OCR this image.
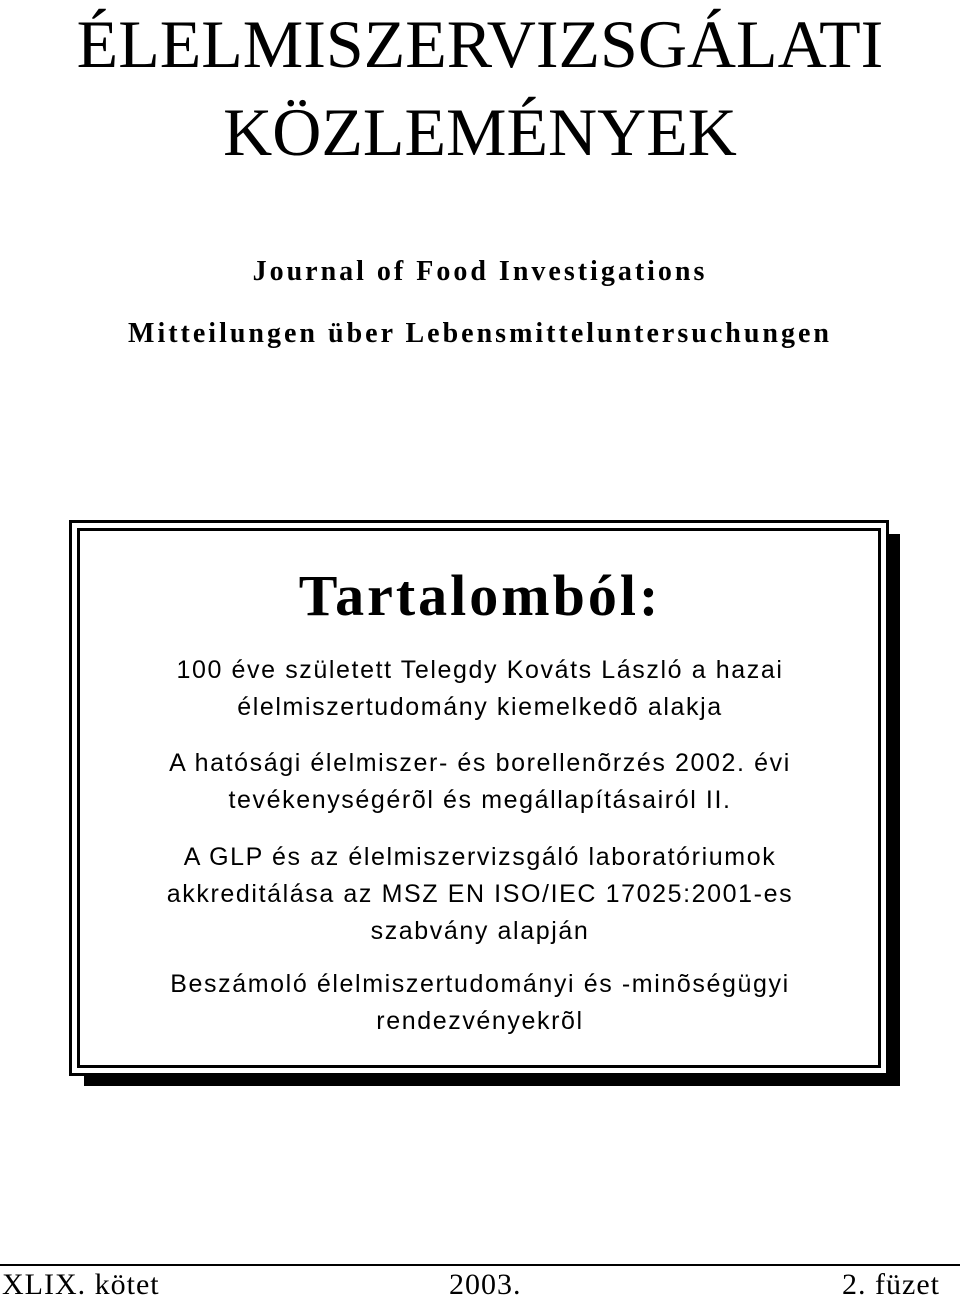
ÉLELMISZERVIZSGÁLATI
KÖZLEMÉNYEK
Journal of Food Investigations
Mitteilungen über Lebensmitteluntersuchungen
Tartalomból:
100 éve született Telegdy Kováts László a hazai
élelmiszertudomány kiemelkedõ alakja
A hatósági élelmiszer- és borellenõrzés 2002. évi
tevékenységérõl és megállapításairól II.
A GLP és az élelmiszervizsgáló laboratóriumok
akkreditálása az MSZ EN ISO/IEC 17025:2001-es
szabvány alapján
Beszámoló élelmiszertudományi és -minõségügyi
rendezvényekrõl
XLIX. kötet	2003.	2. füzet
